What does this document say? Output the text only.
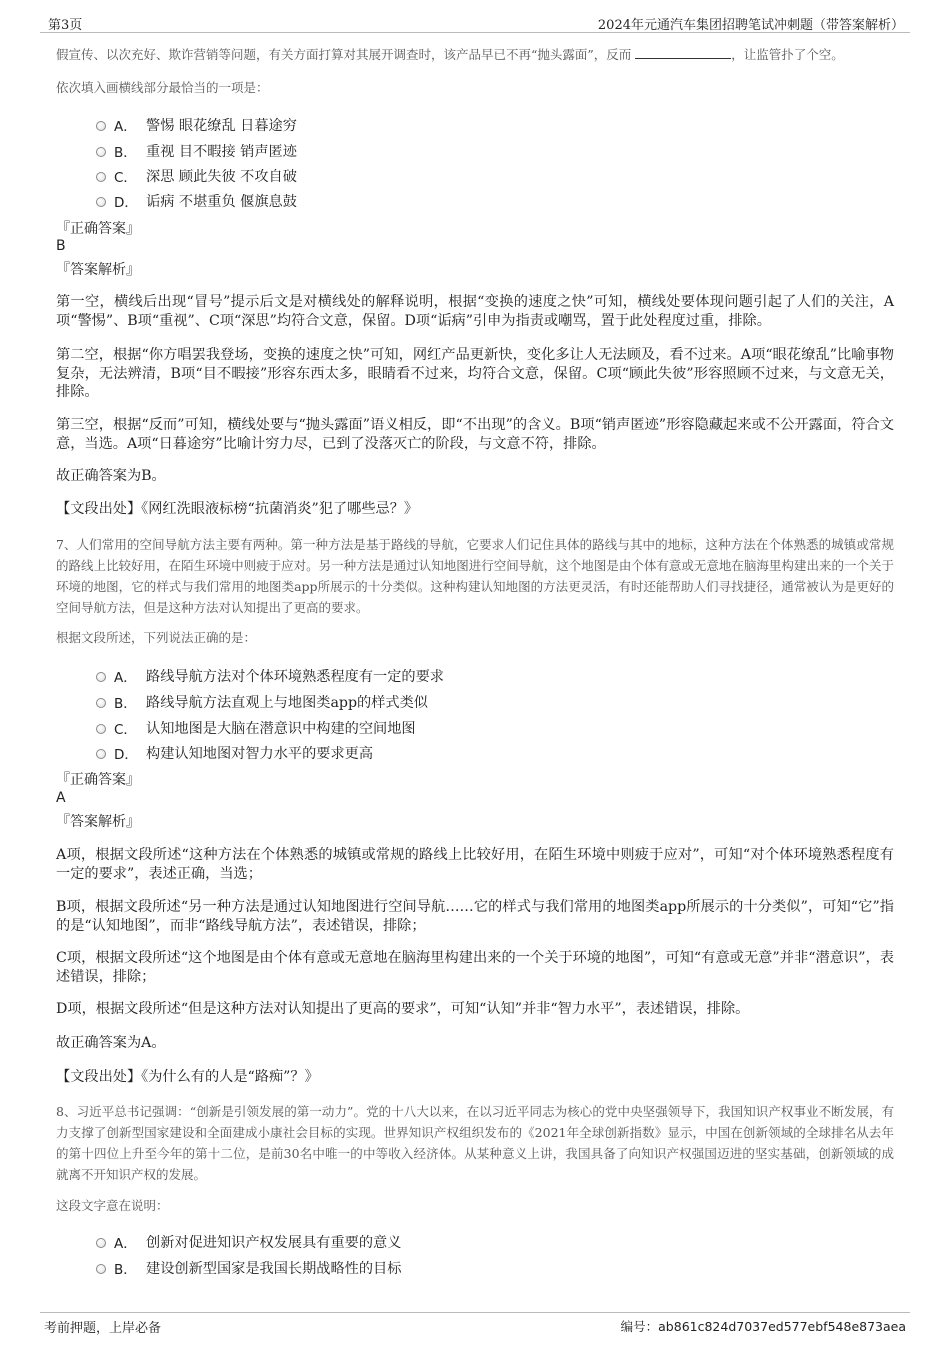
第3页	2024年元通汽车集团招聘笔试冲刺题（带答案解析）

假宣传、以次充好、欺诈营销等问题，有关方面打算对其展开调查时，该产品早已不再“抛头露面”，反而	，让监管扑了个空。

依次填入画横线部分最恰当的一项是：

A． 警惕 眼花缭乱 日暮途穷
B． 重视 目不暇接 销声匿迹
C． 深思 顾此失彼 不攻自破
D． 诟病 不堪重负 偃旗息鼓

『正确答案』

B

『答案解析』

第一空，横线后出现“冒号”提示后文是对横线处的解释说明，根据“变换的速度之快”可知，横线处要体现问题引起了人们的关注，A项“警惕”、B项“重视”、C项“深思”均符合文意，保留。D项“诟病”引申为指责或嘲骂，置于此处程度过重，排除。

第二空，根据“你方唱罢我登场，变换的速度之快”可知，网红产品更新快，变化多让人无法顾及，看不过来。A项“眼花缭乱”比喻事物复杂，无法辨清，B项“目不暇接”形容东西太多，眼睛看不过来，均符合文意，保留。C项“顾此失彼”形容照顾不过来，与文意无关，排除。

第三空，根据“反而”可知，横线处要与“抛头露面”语义相反，即“不出现”的含义。B项“销声匿迹”形容隐藏起来或不公开露面，符合文意，当选。A项“日暮途穷”比喻计穷力尽，已到了没落灭亡的阶段，与文意不符，排除。

故正确答案为B。

【文段出处】《网红洗眼液标榜“抗菌消炎”犯了哪些忌？》

7、人们常用的空间导航方法主要有两种。第一种方法是基于路线的导航，它要求人们记住具体的路线与其中的地标，这种方法在个体熟悉的城镇或常规的路线上比较好用，在陌生环境中则疲于应对。另一种方法是通过认知地图进行空间导航，这个地图是由个体有意或无意地在脑海里构建出来的一个关于环境的地图，它的样式与我们常用的地图类app所展示的十分类似。这种构建认知地图的方法更灵活，有时还能帮助人们寻找捷径，通常被认为是更好的空间导航方法，但是这种方法对认知提出了更高的要求。

根据文段所述，下列说法正确的是：

A． 路线导航方法对个体环境熟悉程度有一定的要求
B． 路线导航方法直观上与地图类app的样式类似
C． 认知地图是大脑在潜意识中构建的空间地图
D． 构建认知地图对智力水平的要求更高

『正确答案』

A

『答案解析』

A项，根据文段所述“这种方法在个体熟悉的城镇或常规的路线上比较好用，在陌生环境中则疲于应对”，可知“对个体环境熟悉程度有一定的要求”，表述正确，当选；

B项，根据文段所述“另一种方法是通过认知地图进行空间导航……它的样式与我们常用的地图类app所展示的十分类似”，可知“它”指的是“认知地图”，而非“路线导航方法”，表述错误，排除；

C项，根据文段所述“这个地图是由个体有意或无意地在脑海里构建出来的一个关于环境的地图”，可知“有意或无意”并非“潜意识”，表述错误，排除；

D项，根据文段所述“但是这种方法对认知提出了更高的要求”，可知“认知”并非“智力水平”，表述错误，排除。

故正确答案为A。

【文段出处】《为什么有的人是“路痴”？》

8、习近平总书记强调：“创新是引领发展的第一动力”。党的十八大以来，在以习近平同志为核心的党中央坚强领导下，我国知识产权事业不断发展，有力支撑了创新型国家建设和全面建成小康社会目标的实现。世界知识产权组织发布的《2021年全球创新指数》显示，中国在创新领域的全球排名从去年的第十四位上升至今年的第十二位，是前30名中唯一的中等收入经济体。从某种意义上讲，我国具备了向知识产权强国迈进的坚实基础，创新领域的成就离不开知识产权的发展。

这段文字意在说明：

A． 创新对促进知识产权发展具有重要的意义
B． 建设创新型国家是我国长期战略性的目标
考前押题，上岸必备	编号：ab861c824d7037ed577ebf548e873aea
